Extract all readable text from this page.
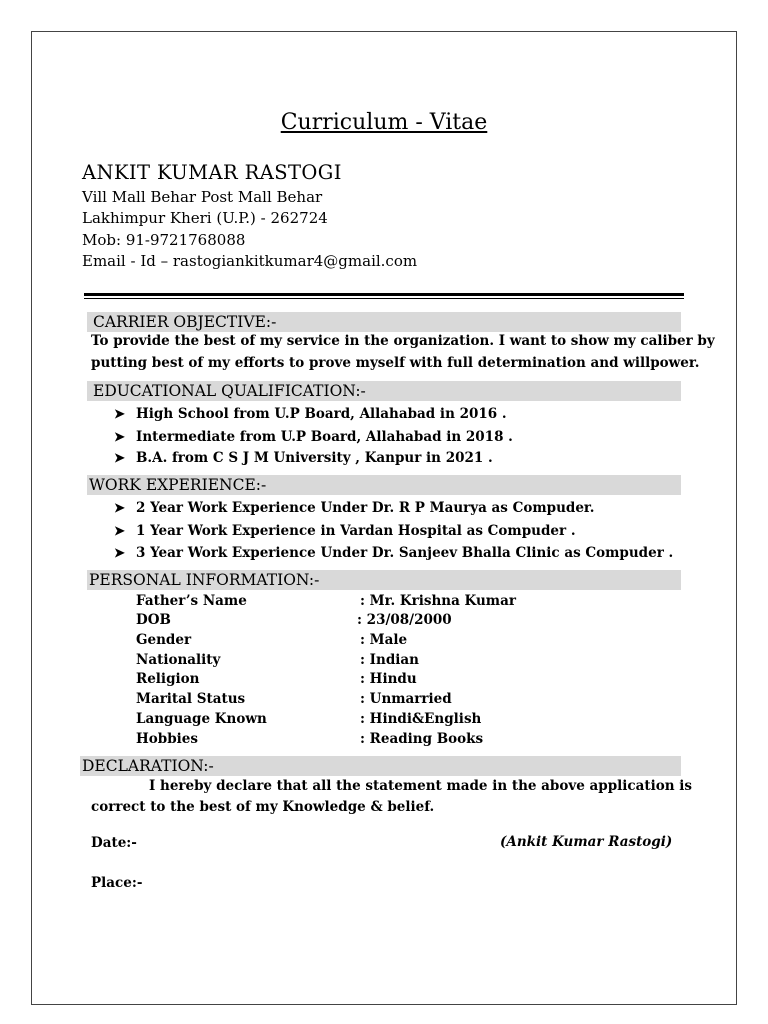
Curriculum - Vitae
ANKIT KUMAR RASTOGI
Vill Mall Behar Post Mall Behar
Lakhimpur Kheri (U.P.) - 262724
Mob: 91-9721768088
Email - Id – rastogiankitkumar4@gmail.com
CARRIER OBJECTIVE:-
To provide the best of my service in the organization. I want to show my caliber by
putting best of my efforts to prove myself with full determination and willpower.
EDUCATIONAL QUALIFICATION:-
➤ High School from U.P Board, Allahabad in 2016 .
➤ Intermediate from U.P Board, Allahabad in 2018 .
➤ B.A. from C S J M University , Kanpur in 2021 .
WORK EXPERIENCE:-
➤ 2 Year Work Experience Under Dr. R P Maurya as Compuder.
➤ 1 Year Work Experience in Vardan Hospital as Compuder .
➤ 3 Year Work Experience Under Dr. Sanjeev Bhalla Clinic as Compuder .
PERSONAL INFORMATION:-
Father’s Name	: Mr. Krishna Kumar
DOB	: 23/08/2000
Gender	: Male
Nationality	: Indian
Religion	: Hindu
Marital Status	: Unmarried
Language Known	: Hindi&English
Hobbies	: Reading Books
DECLARATION:-
I hereby declare that all the statement made in the above application is
correct to the best of my Knowledge & belief.
Date:-	(Ankit Kumar Rastogi)
Place:-
